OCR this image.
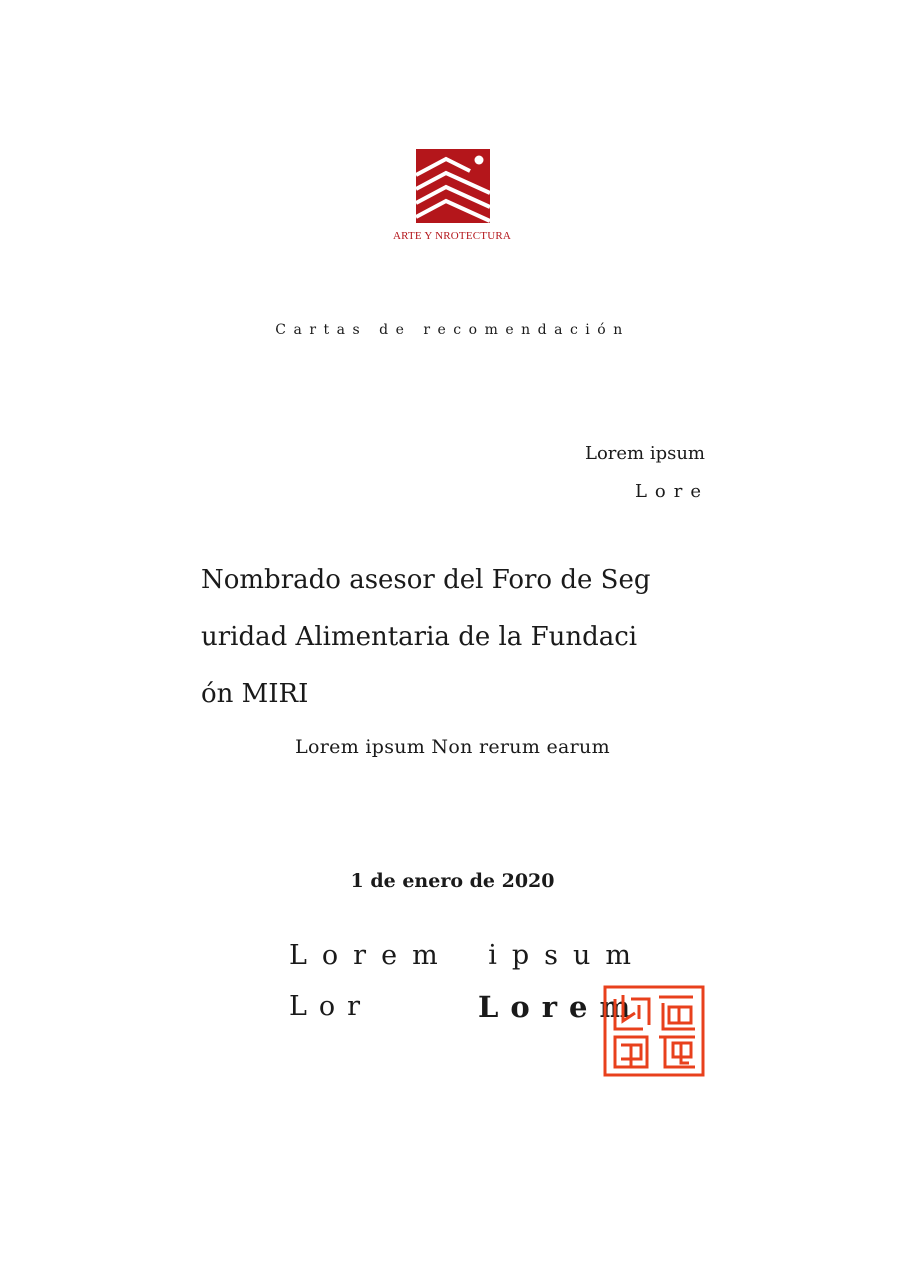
ARTE Y NROTECTURA
Cartas de recomendación
Lorem ipsum
Lore
Nombrado asesor del Foro de Seg
uridad Alimentaria de la Fundaci
ón MIRI
Lorem ipsum Non rerum earum
1 de enero de 2020
Lorem ipsum
Lor	Lorem
